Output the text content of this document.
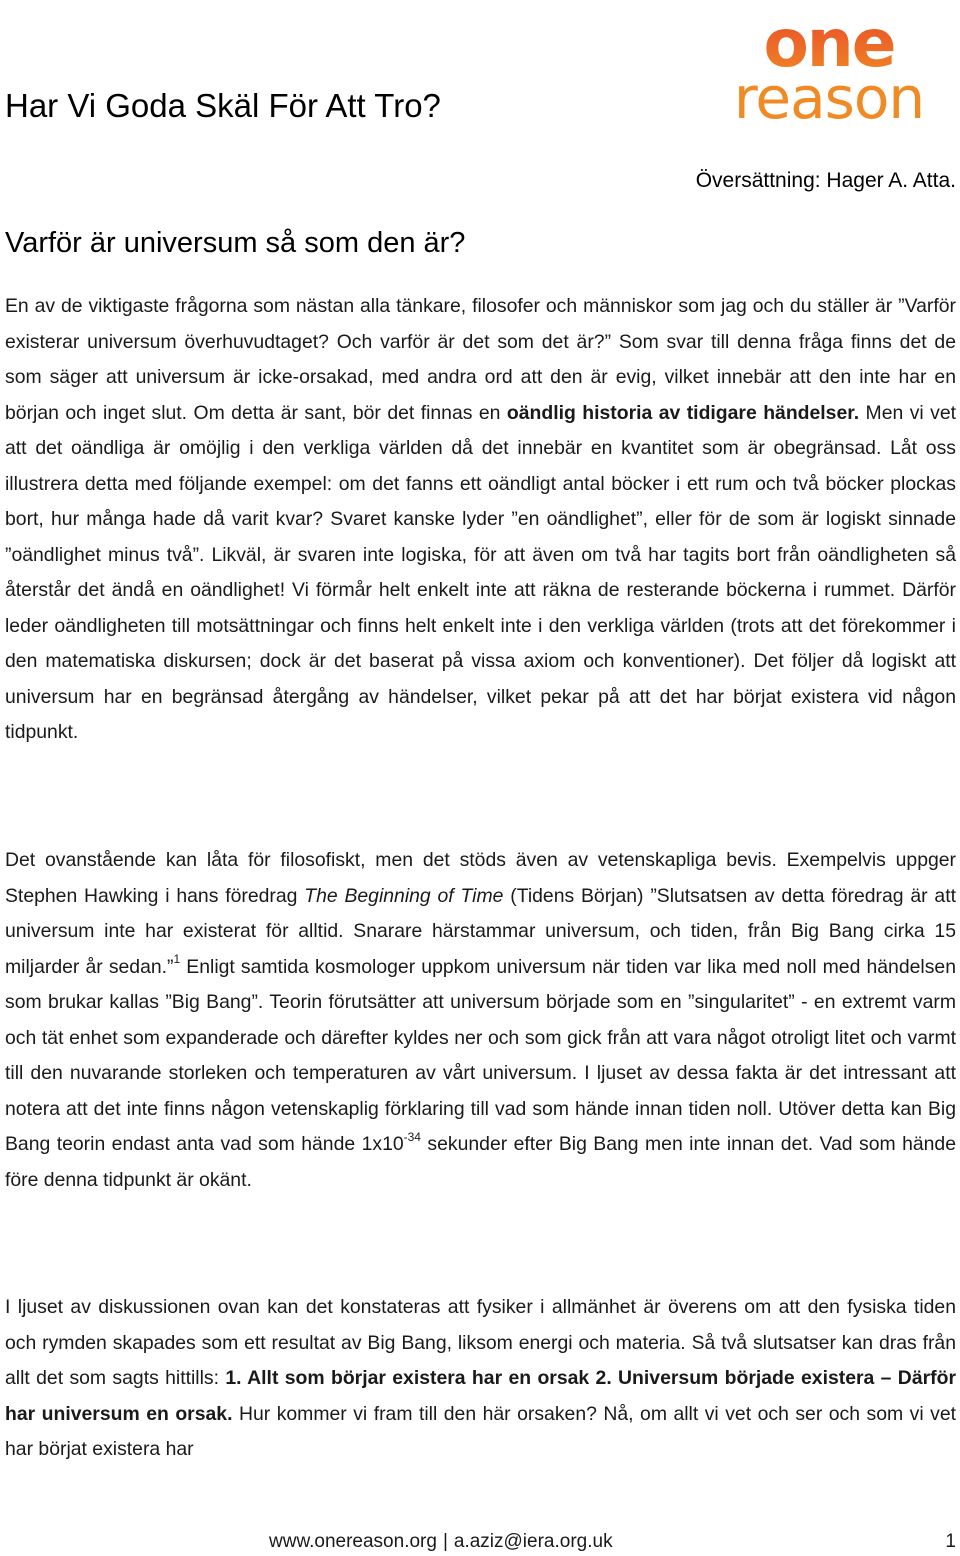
one
reason
Har Vi Goda Skäl För Att Tro?
Översättning: Hager A. Atta.
Varför är universum så som den är?

En av de viktigaste frågorna som nästan alla tänkare, filosofer och människor som jag och du ställer är ”Varför existerar universum överhuvudtaget? Och varför är det som det är?” Som svar till denna fråga finns det de som säger att universum är icke-orsakad, med andra ord att den är evig, vilket innebär att den inte har en början och inget slut. Om detta är sant, bör det finnas en oändlig historia av tidigare händelser. Men vi vet att det oändliga är omöjlig i den verkliga världen då det innebär en kvantitet som är obegränsad. Låt oss illustrera detta med följande exempel: om det fanns ett oändligt antal böcker i ett rum och två böcker plockas bort, hur många hade då varit kvar? Svaret kanske lyder ”en oändlighet”, eller för de som är logiskt sinnade ”oändlighet minus två”. Likväl, är svaren inte logiska, för att även om två har tagits bort från oändligheten så återstår det ändå en oändlighet! Vi förmår helt enkelt inte att räkna de resterande böckerna i rummet. Därför leder oändligheten till motsättningar och finns helt enkelt inte i den verkliga världen (trots att det förekommer i den matematiska diskursen; dock är det baserat på vissa axiom och konventioner). Det följer då logiskt att universum har en begränsad återgång av händelser, vilket pekar på att det har börjat existera vid någon tidpunkt.

Det ovanstående kan låta för filosofiskt, men det stöds även av vetenskapliga bevis. Exempelvis uppger Stephen Hawking i hans föredrag The Beginning of Time (Tidens Början) ”Slutsatsen av detta föredrag är att universum inte har existerat för alltid. Snarare härstammar universum, och tiden, från Big Bang cirka 15 miljarder år sedan.”$^1$ Enligt samtida kosmologer uppkom universum när tiden var lika med noll med händelsen som brukar kallas ”Big Bang”. Teorin förutsätter att universum började som en ”singularitet” - en extremt varm och tät enhet som expanderade och därefter kyldes ner och som gick från att vara något otroligt litet och varmt till den nuvarande storleken och temperaturen av vårt universum. I ljuset av dessa fakta är det intressant att notera att det inte finns någon vetenskaplig förklaring till vad som hände innan tiden noll. Utöver detta kan Big Bang teorin endast anta vad som hände $1x10^{-34}$ sekunder efter Big Bang men inte innan det. Vad som hände före denna tidpunkt är okänt.

I ljuset av diskussionen ovan kan det konstateras att fysiker i allmänhet är överens om att den fysiska tiden och rymden skapades som ett resultat av Big Bang, liksom energi och materia. Så två slutsatser kan dras från allt det som sagts hittills: 1. Allt som börjar existera har en orsak 2. Universum började existera – Därför har universum en orsak. Hur kommer vi fram till den här orsaken? Nå, om allt vi vet och ser och som vi vet har börjat existera har

www.onereason.org | a.aziz@iera.org.uk	1
